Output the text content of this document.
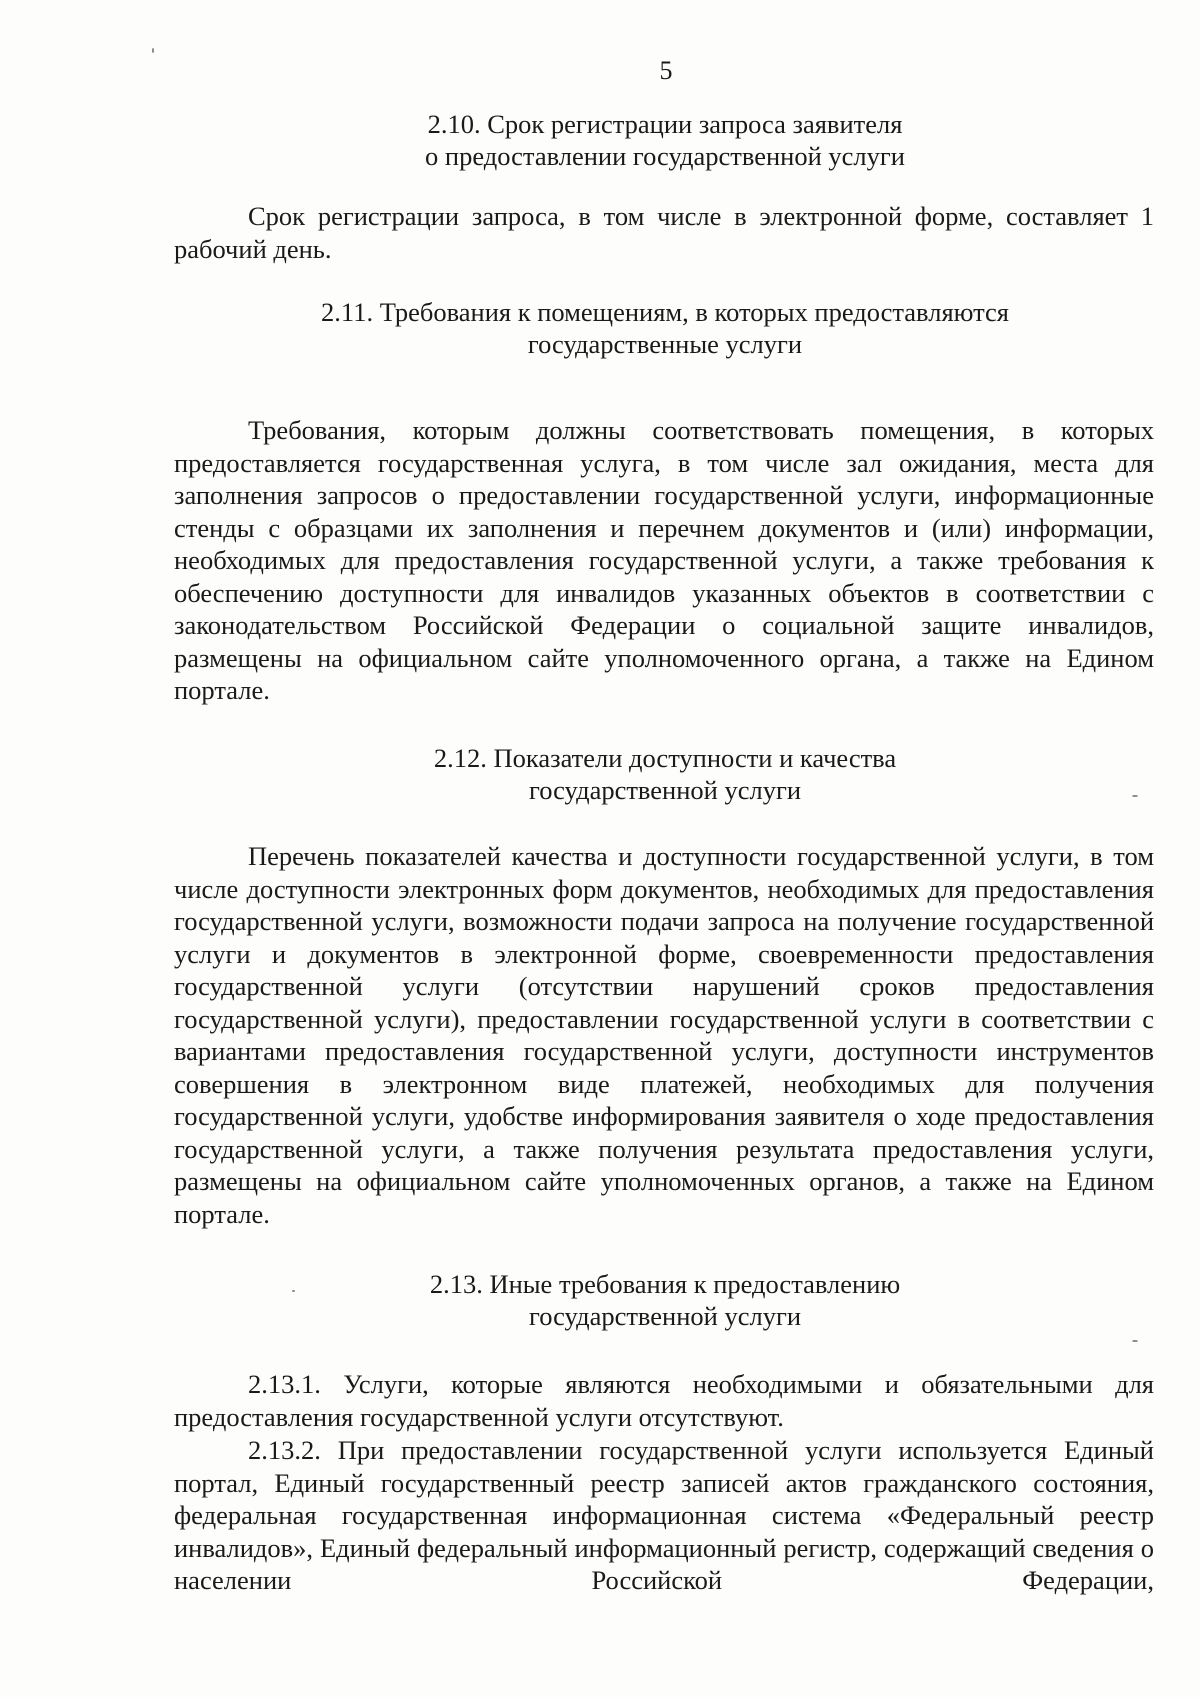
5
2.10. Срок регистрации запроса заявителя
о предоставлении государственной услуги

Срок регистрации запроса, в том числе в электронной форме, составляет 1 рабочий день.

2.11. Требования к помещениям, в которых предоставляются
государственные услуги

Требования, которым должны соответствовать помещения, в которых предоставляется государственная услуга, в том числе зал ожидания, места для заполнения запросов о предоставлении государственной услуги, информационные стенды с образцами их заполнения и перечнем документов и (или) информации, необходимых для предоставления государственной услуги, а также требования к обеспечению доступности для инвалидов указанных объектов в соответствии с законодательством Российской Федерации о социальной защите инвалидов, размещены на официальном сайте уполномоченного органа, а также на Едином портале.

2.12. Показатели доступности и качества
государственной услуги

Перечень показателей качества и доступности государственной услуги, в том числе доступности электронных форм документов, необходимых для предоставления государственной услуги, возможности подачи запроса на получение государственной услуги и документов в электронной форме, своевременности предоставления государственной услуги (отсутствии нарушений сроков предоставления государственной услуги), предоставлении государственной услуги в соответствии с вариантами предоставления государственной услуги, доступности инструментов совершения в электронном виде платежей, необходимых для получения государственной услуги, удобстве информирования заявителя о ходе предоставления государственной услуги, а также получения результата предоставления услуги, размещены на официальном сайте уполномоченных органов, а также на Едином портале.

2.13. Иные требования к предоставлению
государственной услуги

2.13.1. Услуги, которые являются необходимыми и обязательными для предоставления государственной услуги отсутствуют.

2.13.2. При предоставлении государственной услуги используется Единый портал, Единый государственный реестр записей актов гражданского состояния, федеральная государственная информационная система «Федеральный реестр инвалидов», Единый федеральный информационный регистр, содержащий сведения о населении Российской Федерации,
